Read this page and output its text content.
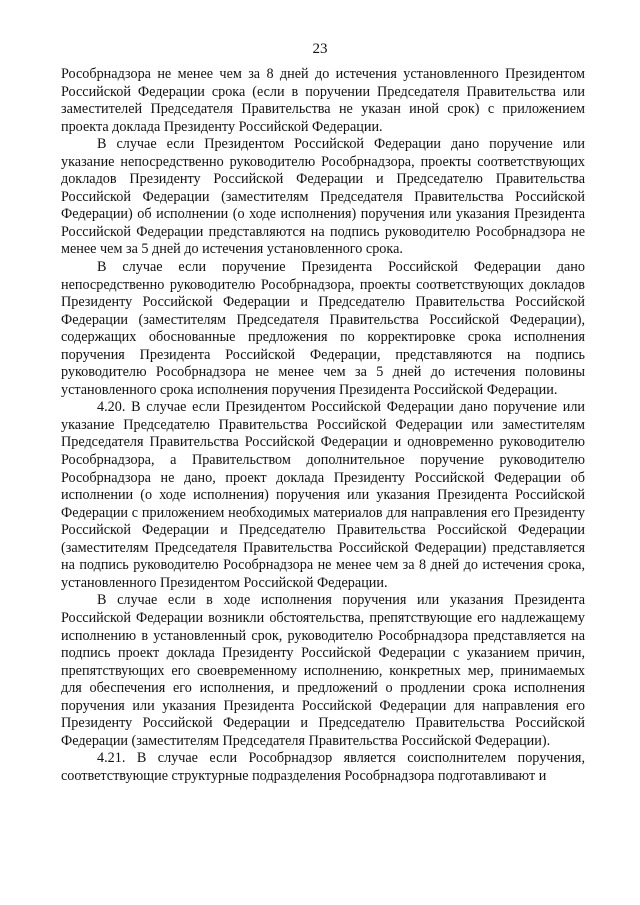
23

Рособрнадзора не менее чем за 8 дней до истечения установленного Президентом Российской Федерации срока (если в поручении Председателя Правительства или заместителей Председателя Правительства не указан иной срок) с приложением проекта доклада Президенту Российской Федерации.

В случае если Президентом Российской Федерации дано поручение или указание непосредственно руководителю Рособрнадзора, проекты соответствующих докладов Президенту Российской Федерации и Председателю Правительства Российской Федерации (заместителям Председателя Правительства Российской Федерации) об исполнении (о ходе исполнения) поручения или указания Президента Российской Федерации представляются на подпись руководителю Рособрнадзора не менее чем за 5 дней до истечения установленного срока.

В случае если поручение Президента Российской Федерации дано непосредственно руководителю Рособрнадзора, проекты соответствующих докладов Президенту Российской Федерации и Председателю Правительства Российской Федерации (заместителям Председателя Правительства Российской Федерации), содержащих обоснованные предложения по корректировке срока исполнения поручения Президента Российской Федерации, представляются на подпись руководителю Рособрнадзора не менее чем за 5 дней до истечения половины установленного срока исполнения поручения Президента Российской Федерации.

4.20. В случае если Президентом Российской Федерации дано поручение или указание Председателю Правительства Российской Федерации или заместителям Председателя Правительства Российской Федерации и одновременно руководителю Рособрнадзора, а Правительством дополнительное поручение руководителю Рособрнадзора не дано, проект доклада Президенту Российской Федерации об исполнении (о ходе исполнения) поручения или указания Президента Российской Федерации с приложением необходимых материалов для направления его Президенту Российской Федерации и Председателю Правительства Российской Федерации (заместителям Председателя Правительства Российской Федерации) представляется на подпись руководителю Рособрнадзора не менее чем за 8 дней до истечения срока, установленного Президентом Российской Федерации.

В случае если в ходе исполнения поручения или указания Президента Российской Федерации возникли обстоятельства, препятствующие его надлежащему исполнению в установленный срок, руководителю Рособрнадзора представляется на подпись проект доклада Президенту Российской Федерации с указанием причин, препятствующих его своевременному исполнению, конкретных мер, принимаемых для обеспечения его исполнения, и предложений о продлении срока исполнения поручения или указания Президента Российской Федерации для направления его Президенту Российской Федерации и Председателю Правительства Российской Федерации (заместителям Председателя Правительства Российской Федерации).

4.21. В случае если Рособрнадзор является соисполнителем поручения, соответствующие структурные подразделения Рособрнадзора подготавливают и
